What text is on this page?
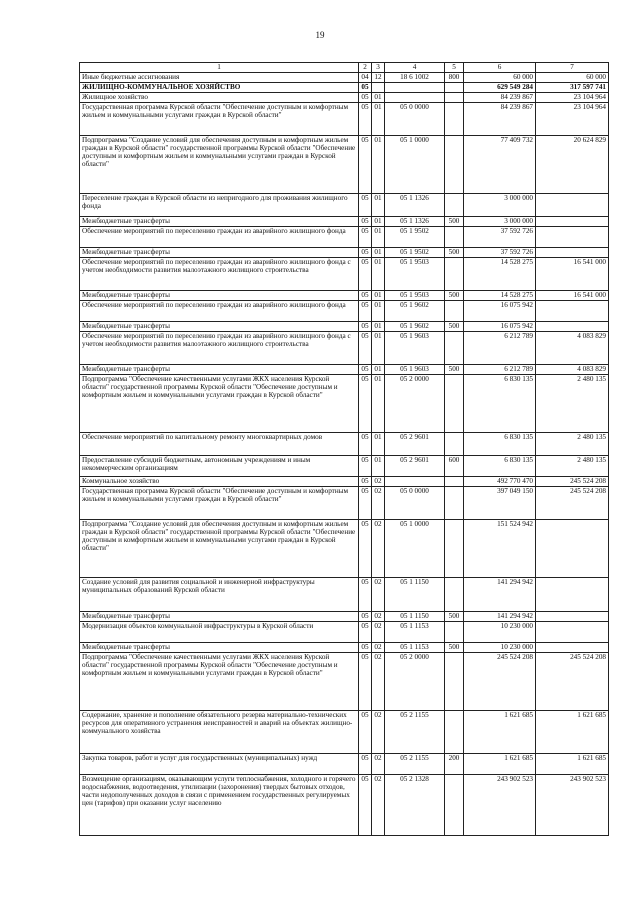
19
1	2	3	4	5	6	7
Иные бюджетные ассигнования	04	12	18 6 1002	800	60 000	60 000
ЖИЛИЩНО-КОММУНАЛЬНОЕ ХОЗЯЙСТВО	05				629 549 284	317 597 741
Жилищное хозяйство	05	01			84 239 867	23 104 964
Государственная программа Курской области "Обеспечение доступным и комфортным жильем и коммунальными услугами граждан в Курской области"	05	01	05 0 0000		84 239 867	23 104 964
Подпрограмма "Создание условий для обеспечения доступным и комфортным жильем граждан в Курской области" государственной программы Курской области "Обеспечение доступным и комфортным жильем и коммунальными услугами граждан в Курской области"	05	01	05 1 0000		77 409 732	20 624 829
Переселение граждан в Курской области из непригодного для проживания жилищного фонда	05	01	05 1 1326		3 000 000	
Межбюджетные трансферты	05	01	05 1 1326	500	3 000 000	
Обеспечение мероприятий по переселению граждан из аварийного жилищного фонда	05	01	05 1 9502		37 592 726	
Межбюджетные трансферты	05	01	05 1 9502	500	37 592 726	
Обеспечение мероприятий по переселению граждан из аварийного жилищного фонда с учетом необходимости развития малоэтажного жилищного строительства	05	01	05 1 9503		14 528 275	16 541 000
Межбюджетные трансферты	05	01	05 1 9503	500	14 528 275	16 541 000
Обеспечение мероприятий по переселению граждан из аварийного жилищного фонда	05	01	05 1 9602		16 075 942	
Межбюджетные трансферты	05	01	05 1 9602	500	16 075 942	
Обеспечение мероприятий по переселению граждан из аварийного жилищного фонда с учетом необходимости развития малоэтажного жилищного строительства	05	01	05 1 9603		6 212 789	4 083 829
Межбюджетные трансферты	05	01	05 1 9603	500	6 212 789	4 083 829
Подпрограмма "Обеспечение качественными услугами ЖКХ населения Курской области" государственной программы Курской области "Обеспечение доступным и комфортным жильем и коммунальными услугами граждан в Курской области"	05	01	05 2 0000		6 830 135	2 480 135
Обеспечение мероприятий по капитальному ремонту многоквартирных домов	05	01	05 2 9601		6 830 135	2 480 135
Предоставление субсидий бюджетным, автономным учреждениям и иным некоммерческим организациям	05	01	05 2 9601	600	6 830 135	2 480 135
Коммунальное хозяйство	05	02			492 770 470	245 524 208
Государственная программа Курской области "Обеспечение доступным и комфортным жильем и коммунальными услугами граждан в Курской области"	05	02	05 0 0000		397 049 150	245 524 208
Подпрограмма "Создание условий для обеспечения доступным и комфортным жильем граждан в Курской области" государственной программы Курской области "Обеспечение доступным и комфортным жильем и коммунальными услугами граждан в Курской области"	05	02	05 1 0000		151 524 942	
Создание условий для развития социальной и инженерной инфраструктуры муниципальных образований Курской области	05	02	05 1 1150		141 294 942	
Межбюджетные трансферты	05	02	05 1 1150	500	141 294 942	
Модернизация объектов коммунальной инфраструктуры в Курской области	05	02	05 1 1153		10 230 000	
Межбюджетные трансферты	05	02	05 1 1153	500	10 230 000	
Подпрограмма "Обеспечение качественными услугами ЖКХ населения Курской области" государственной программы Курской области "Обеспечение доступным и комфортным жильем и коммунальными услугами граждан в Курской области"	05	02	05 2 0000		245 524 208	245 524 208
Содержание, хранение и пополнение обязательного резерва материально-технических ресурсов для оперативного устранения неисправностей и аварий на объектах жилищно-коммунального хозяйства	05	02	05 2 1155		1 621 685	1 621 685
Закупка товаров, работ и услуг для государственных (муниципальных) нужд	05	02	05 2 1155	200	1 621 685	1 621 685
Возмещение организациям, оказывающим услуги теплоснабжения, холодного и горячего водоснабжения, водоотведения, утилизации (захоронения) твердых бытовых отходов, части недополученных доходов в связи с применением государственных регулируемых цен (тарифов) при оказании услуг населению	05	02	05 2 1328		243 902 523	243 902 523
